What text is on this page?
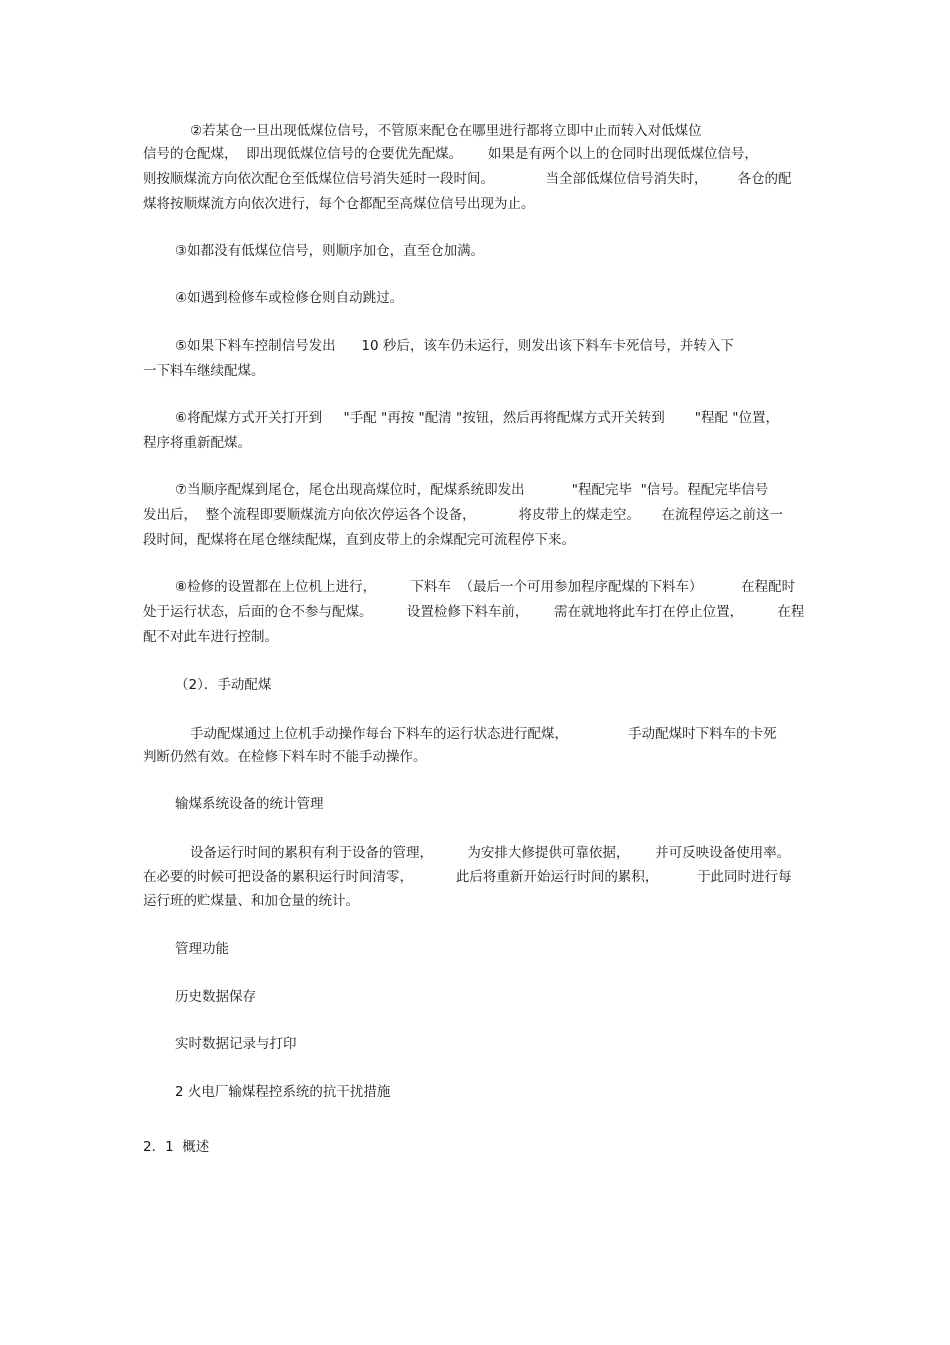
②若某仓一旦出现低煤位信号，不管原来配仓在哪里进行都将立即中止而转入对低煤位
信号的仓配煤，  即出现低煤位信号的仓要优先配煤。      如果是有两个以上的仓同时出现低煤位信号，
则按顺煤流方向依次配仓至低煤位信号消失延时一段时间。            当全部低煤位信号消失时，       各仓的配
煤将按顺煤流方向依次进行，每个仓都配至高煤位信号出现为止。
③如都没有低煤位信号，则顺序加仓，直至仓加满。
④如遇到检修车或检修仓则自动跳过。
⑤如果下料车控制信号发出      10 秒后，该车仍未运行，则发出该下料车卡死信号，并转入下
一下料车继续配煤。
⑥将配煤方式开关打开到     "手配 "再按 "配清 "按钮，然后再将配煤方式开关转到       "程配 "位置，
程序将重新配煤。
⑦当顺序配煤到尾仓，尾仓出现高煤位时，配煤系统即发出           "程配完毕  "信号。程配完毕信号
发出后，  整个流程即要顺煤流方向依次停运各个设备，          将皮带上的煤走空。     在流程停运之前这一
段时间，配煤将在尾仓继续配煤，直到皮带上的余煤配完可流程停下来。
⑧检修的设置都在上位机上进行，        下料车  （最后一个可用参加程序配煤的下料车）         在程配时
处于运行状态，后面的仓不参与配煤。        设置检修下料车前，      需在就地将此车打在停止位置，        在程
配不对此车进行控制。
（2）．手动配煤
手动配煤通过上位机手动操作每台下料车的运行状态进行配煤，              手动配煤时下料车的卡死
判断仍然有效。在检修下料车时不能手动操作。
输煤系统设备的统计管理
设备运行时间的累积有利于设备的管理，        为安排大修提供可靠依据，      并可反映设备使用率。
在必要的时候可把设备的累积运行时间清零，          此后将重新开始运行时间的累积，         于此同时进行每
运行班的贮煤量、和加仓量的统计。
管理功能
历史数据保存
实时数据记录与打印
2 火电厂输煤程控系统的抗干扰措施
2．1  概述
